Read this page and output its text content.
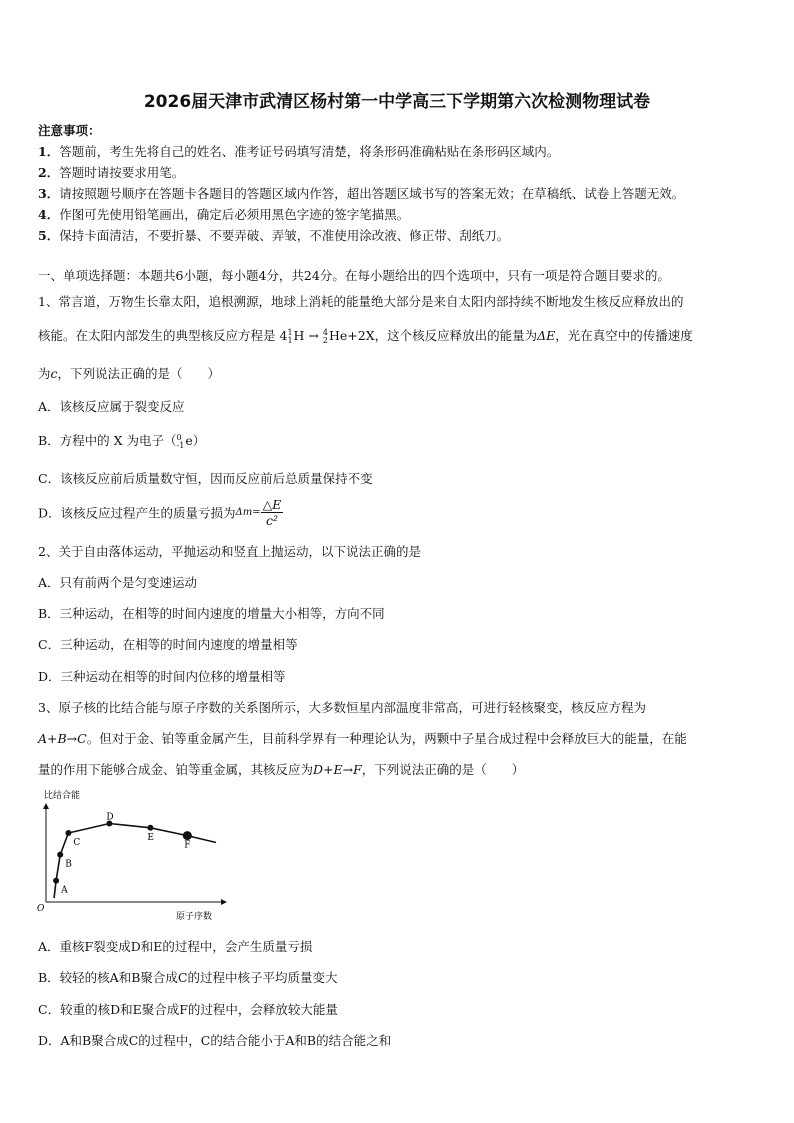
2026届天津市武清区杨村第一中学高三下学期第六次检测物理试卷
注意事项：
1．答题前，考生先将自己的姓名、准考证号码填写清楚，将条形码准确粘贴在条形码区域内。
2．答题时请按要求用笔。
3．请按照题号顺序在答题卡各题目的答题区域内作答，超出答题区域书写的答案无效；在草稿纸、试卷上答题无效。
4．作图可先使用铅笔画出，确定后必须用黑色字迹的签字笔描黑。
5．保持卡面清洁，不要折暴、不要弄破、弄皱，不准使用涂改液、修正带、刮纸刀。
一、单项选择题：本题共6小题，每小题4分，共24分。在每小题给出的四个选项中，只有一项是符合题目要求的。
1、常言道，万物生长靠太阳，追根溯源，地球上消耗的能量绝大部分是来自太阳内部持续不断地发生核反应释放出的
核能。在太阳内部发生的典型核反应方程是 4 1
1 H → 4
2 He+2X，这个核反应释放出的能量为ΔE，光在真空中的传播速度
为c，下列说法正确的是（　　）
A．该核反应属于裂变反应
B．方程中的 X 为电子（ 0
-1 e）
C．该核反应前后质量数守恒，因而反应前后总质量保持不变
D．该核反应过程产生的质量亏损为$\Delta m= \frac{\triangle E}{\text{c²}}$
2、关于自由落体运动，平抛运动和竖直上抛运动，以下说法正确的是
A．只有前两个是匀变速运动
B．三种运动，在相等的时间内速度的增量大小相等，方向不同
C．三种运动，在相等的时间内速度的增量相等
D．三种运动在相等的时间内位移的增量相等
3、原子核的比结合能与原子序数的关系图所示，大多数恒星内部温度非常高，可进行轻核聚变，核反应方程为
A+B→C。但对于金、铂等重金属产生，目前科学界有一种理论认为，两颗中子星合成过程中会释放巨大的能量，在能
量的作用下能够合成金、铂等重金属，其核反应为D+E→F，下列说法正确的是（　　）
比结合能
原子序数
O
A
B
C
D
E
F
A．重核F裂变成D和E的过程中，会产生质量亏损
B．较轻的核A和B聚合成C的过程中核子平均质量变大
C．较重的核D和E聚合成F的过程中，会释放较大能量
D．A和B聚合成C的过程中，C的结合能小于A和B的结合能之和
